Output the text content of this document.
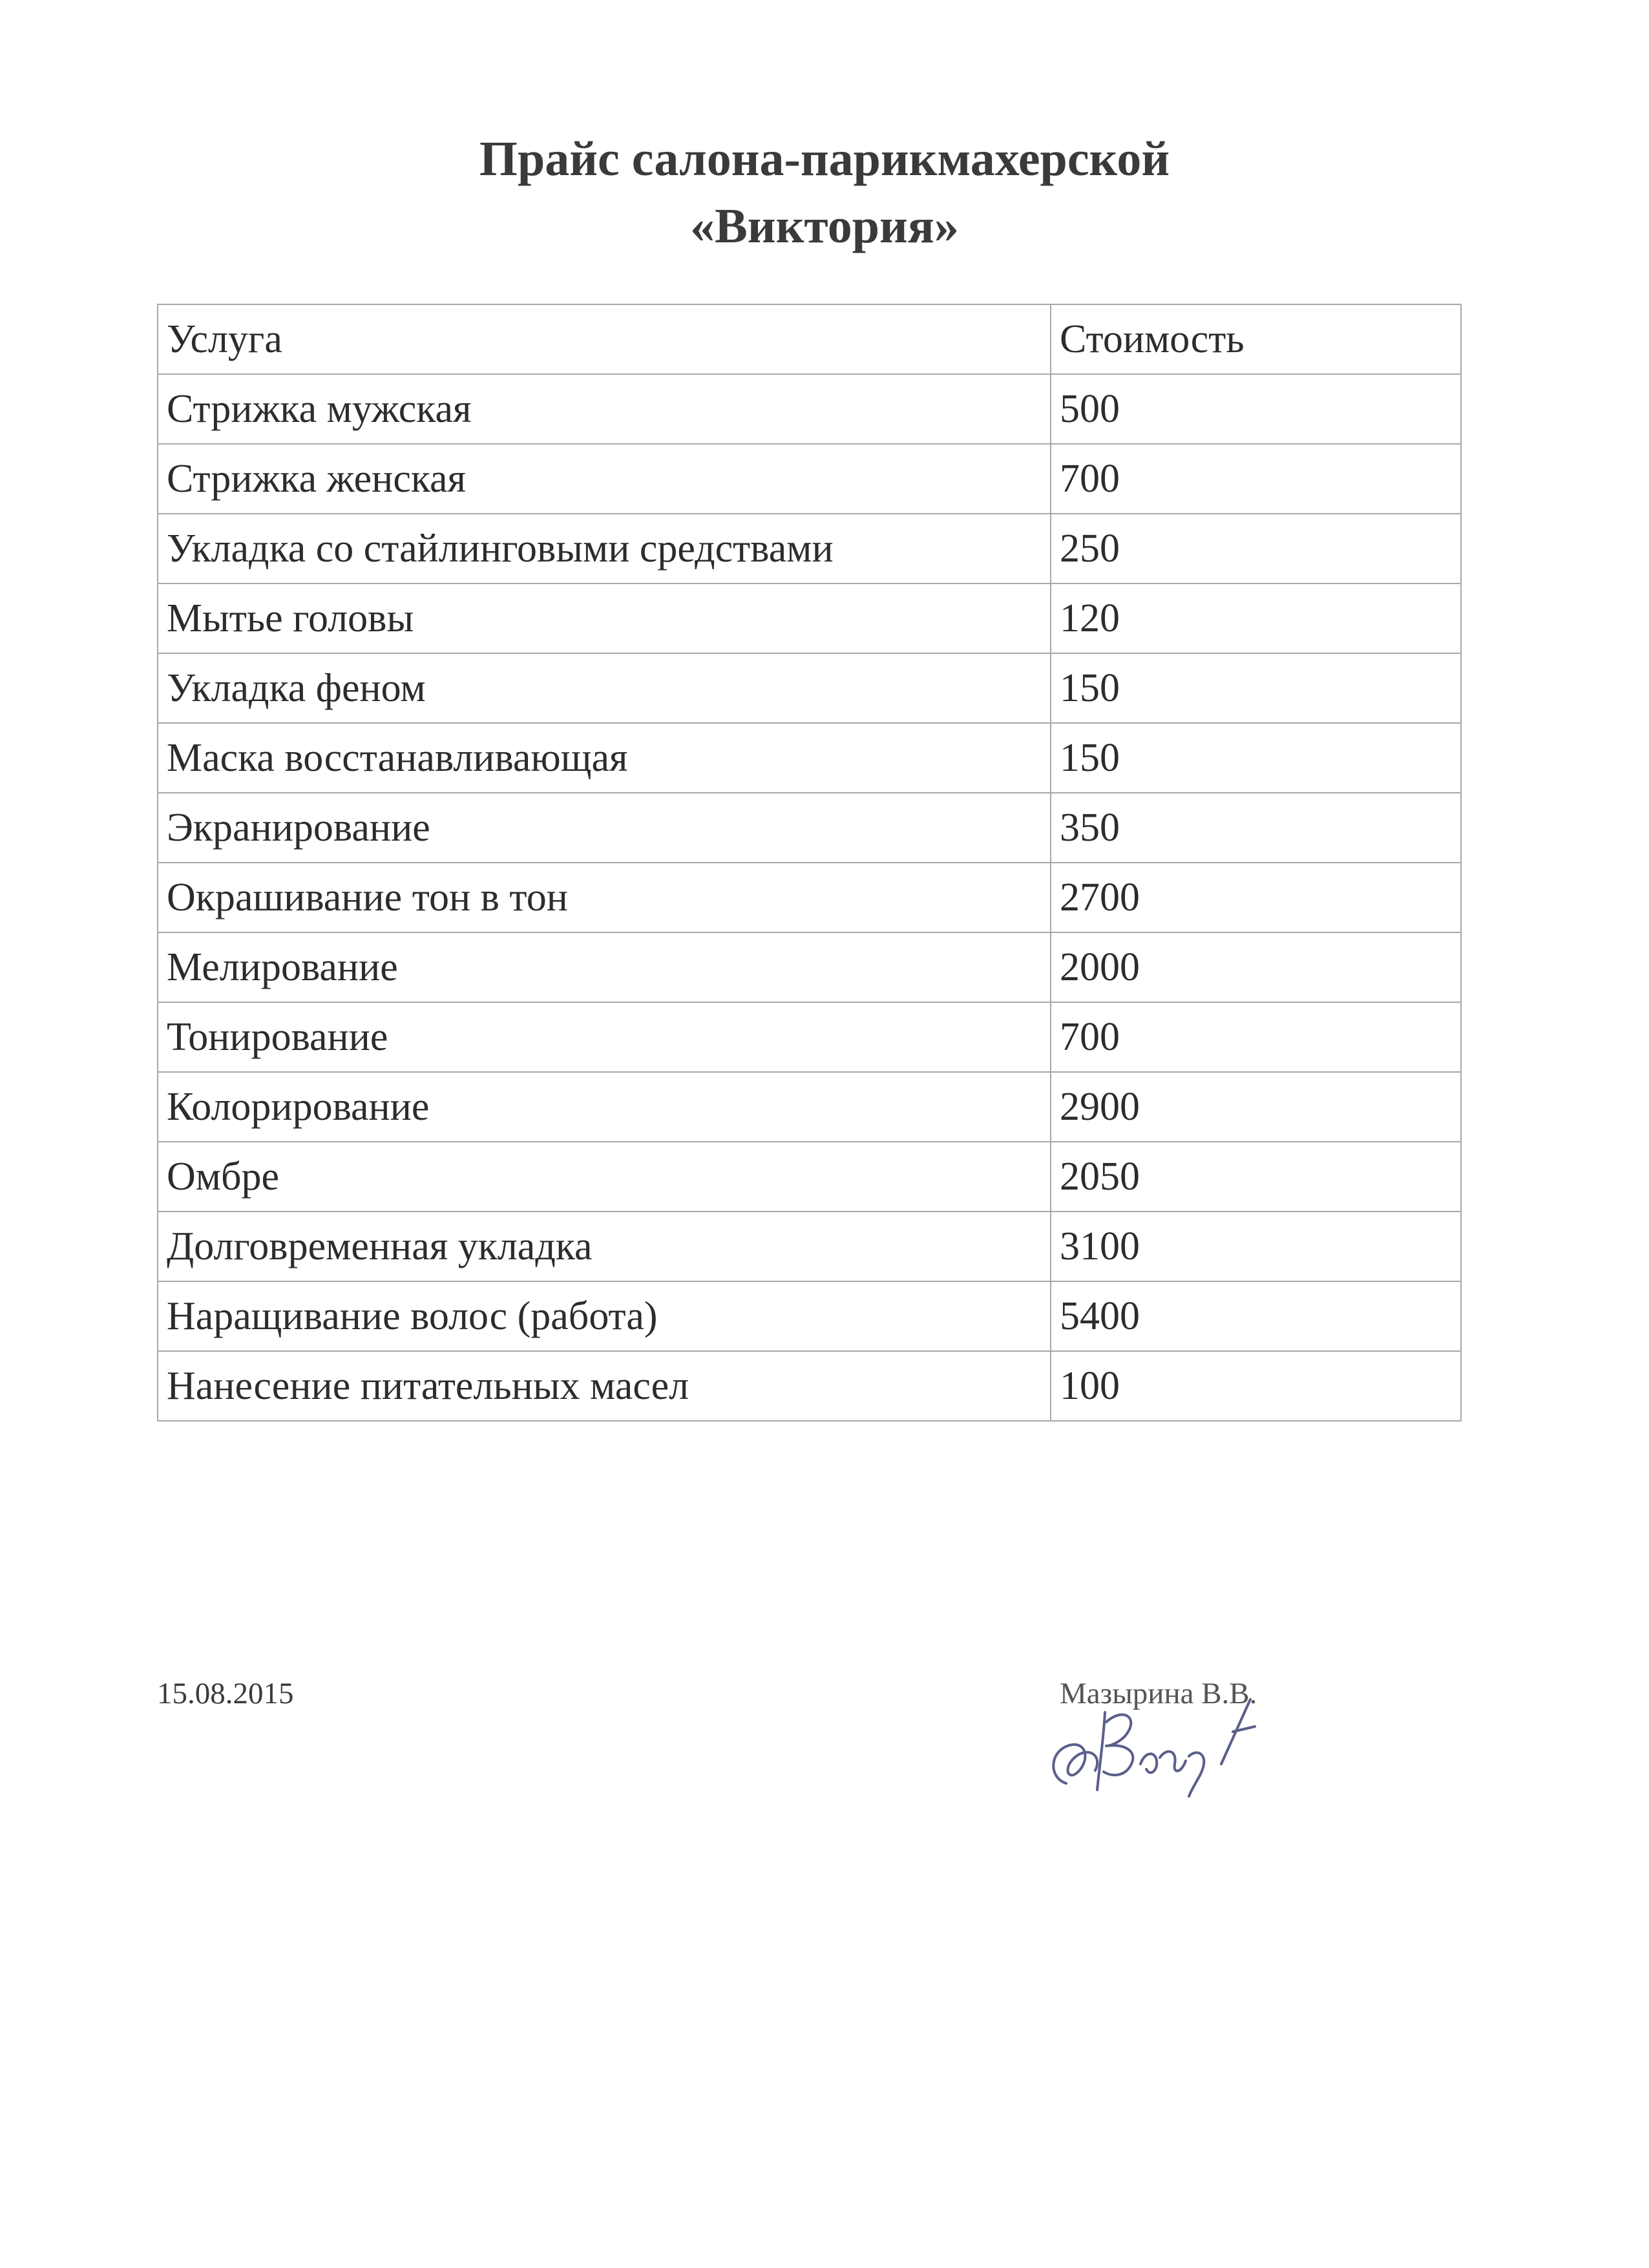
Прайс салона-парикмахерской
«Виктория»
Услуга	Стоимость
Стрижка мужская	500
Стрижка женская	700
Укладка со стайлинговыми средствами	250
Мытье головы	120
Укладка феном	150
Маска восстанавливающая	150
Экранирование	350
Окрашивание тон в тон	2700
Мелирование	2000
Тонирование	700
Колорирование	2900
Омбре	2050
Долговременная укладка	3100
Наращивание волос (работа)	5400
Нанесение питательных масел	100
15.08.2015	Мазырина В.В.
